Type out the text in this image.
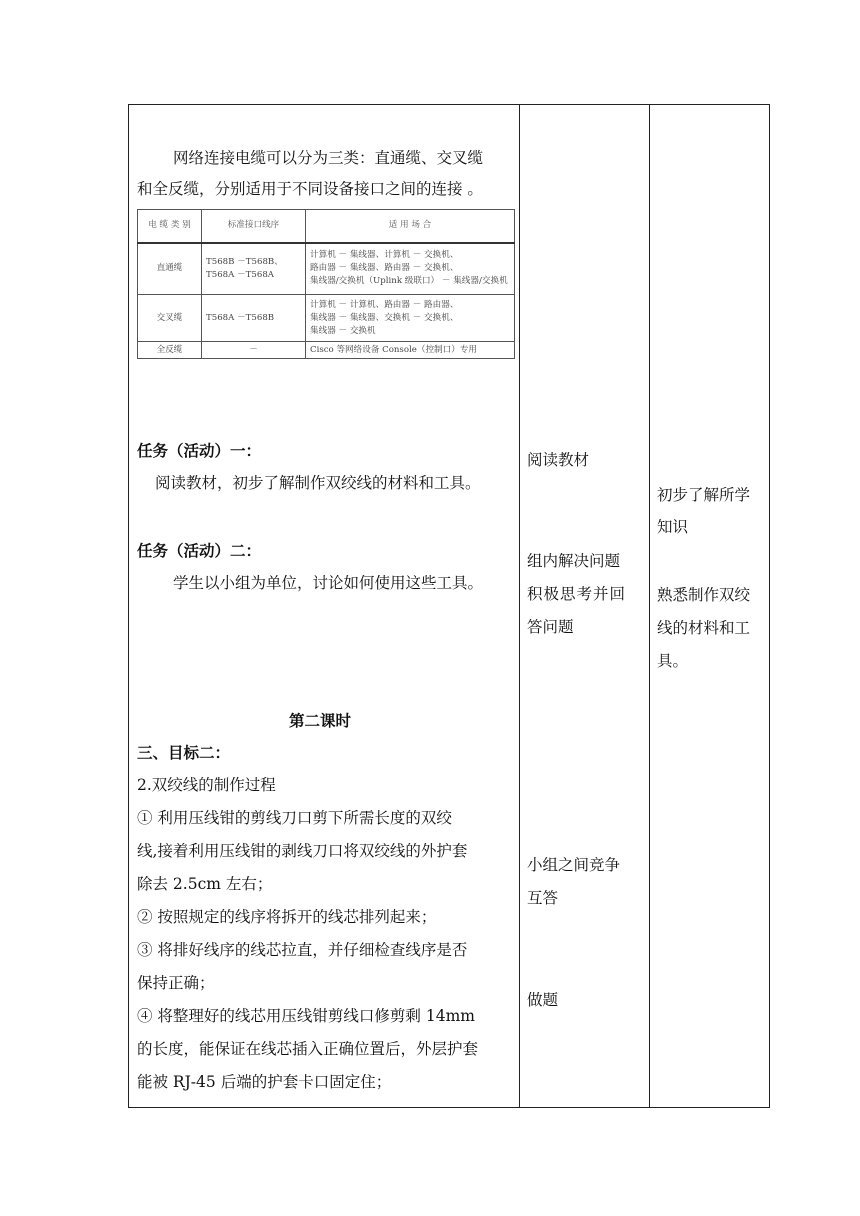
网络连接电缆可以分为三类：直通缆、交叉缆
和全反缆，分别适用于不同设备接口之间的连接 。
电 缆 类 别	标准接口线序	适 用 场 合
直通缆	T568B －T568B、T568A －T568A	计算机 － 集线器、计算机 － 交换机、
路由器 － 集线器、路由器 － 交换机、
集线器/交换机（Uplink 级联口） － 集线器/交换机

交叉缆	T568A －T568B	计算机 － 计算机、路由器 － 路由器、
集线器 － 集线器、交换机 － 交换机、
集线器 － 交换机

全反缆	－	Cisco 等网络设备 Console（控制口）专用
任务（活动）一：
阅读教材，初步了解制作双绞线的材料和工具。
任务（活动）二：
学生以小组为单位，讨论如何使用这些工具。
第二课时
三、目标二：
2.双绞线的制作过程
① 利用压线钳的剪线刀口剪下所需长度的双绞
线,接着利用压线钳的剥线刀口将双绞线的外护套
除去 2.5cm 左右；
② 按照规定的线序将拆开的线芯排列起来；
③ 将排好线序的线芯拉直，并仔细检查线序是否
保持正确；
④ 将整理好的线芯用压线钳剪线口修剪剩 14mm
的长度，能保证在线芯插入正确位置后，外层护套
能被 RJ-45 后端的护套卡口固定住；
阅读教材
组内解决问题
积极思考并回
答问题
小组之间竞争
互答
做题
初步了解所学
知识
熟悉制作双绞
线的材料和工
具。
